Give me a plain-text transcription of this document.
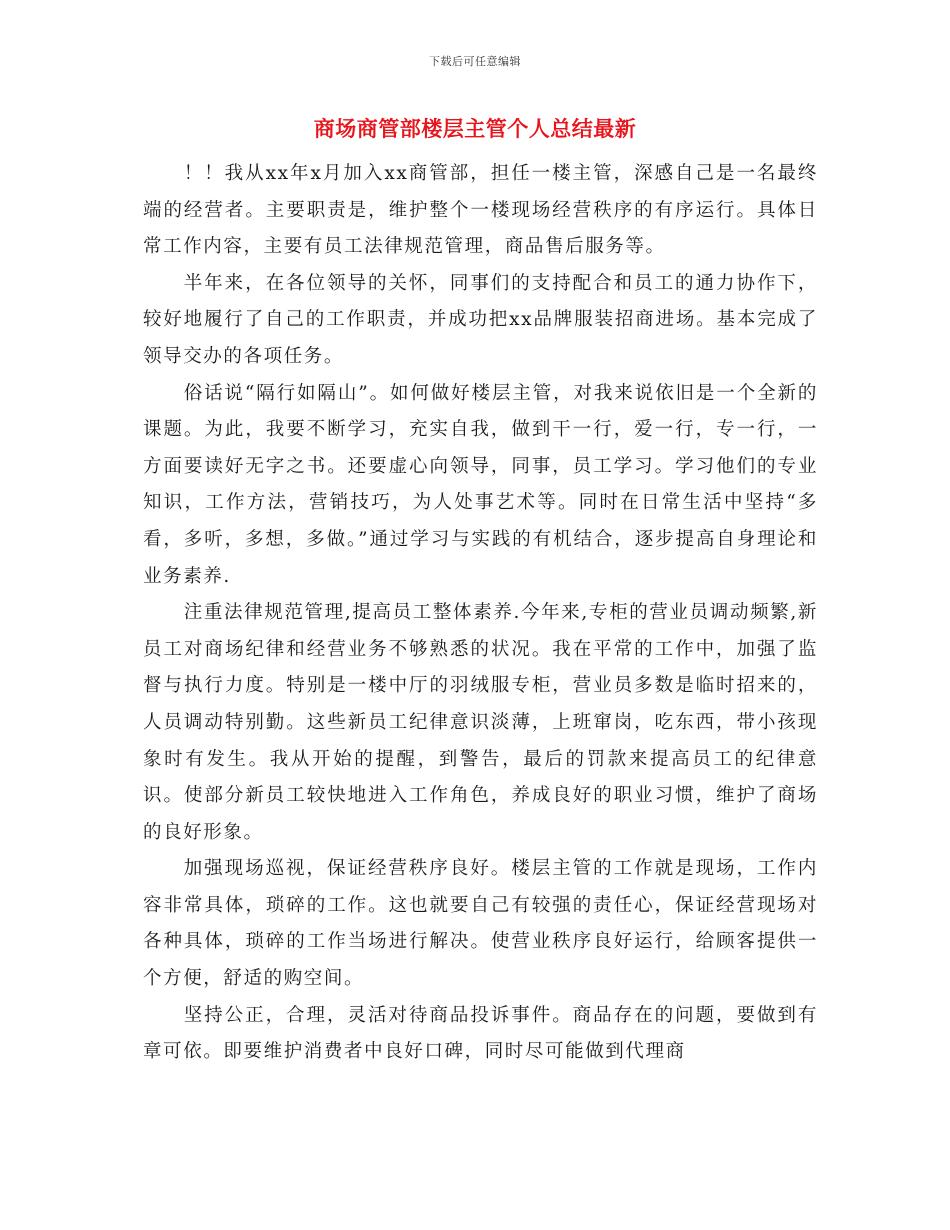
下载后可任意编辑
商场商管部楼层主管个人总结最新

！！我从xx年x月加入xx商管部，担任一楼主管，深感自己是一名最终端的经营者。主要职责是，维护整个一楼现场经营秩序的有序运行。具体日常工作内容，主要有员工法律规范管理，商品售后服务等。

半年来，在各位领导的关怀，同事们的支持配合和员工的通力协作下，较好地履行了自己的工作职责，并成功把xx品牌服装招商进场。基本完成了领导交办的各项任务。

俗话说“隔行如隔山”。如何做好楼层主管，对我来说依旧是一个全新的课题。为此，我要不断学习，充实自我，做到干一行，爱一行，专一行，一方面要读好无字之书。还要虚心向领导，同事，员工学习。学习他们的专业知识，工作方法，营销技巧，为人处事艺术等。同时在日常生活中坚持“多看，多听，多想，多做。”通过学习与实践的有机结合，逐步提高自身理论和业务素养.

注重法律规范管理,提高员工整体素养.今年来,专柜的营业员调动频繁,新员工对商场纪律和经营业务不够熟悉的状况。我在平常的工作中，加强了监督与执行力度。特别是一楼中厅的羽绒服专柜，营业员多数是临时招来的，人员调动特别勤。这些新员工纪律意识淡薄，上班窜岗，吃东西，带小孩现象时有发生。我从开始的提醒，到警告，最后的罚款来提高员工的纪律意识。使部分新员工较快地进入工作角色，养成良好的职业习惯，维护了商场的良好形象。

加强现场巡视，保证经营秩序良好。楼层主管的工作就是现场，工作内容非常具体，琐碎的工作。这也就要自己有较强的责任心，保证经营现场对各种具体，琐碎的工作当场进行解决。使营业秩序良好运行，给顾客提供一个方便，舒适的购空间。

坚持公正，合理，灵活对待商品投诉事件。商品存在的问题，要做到有章可依。即要维护消费者中良好口碑，同时尽可能做到代理商
